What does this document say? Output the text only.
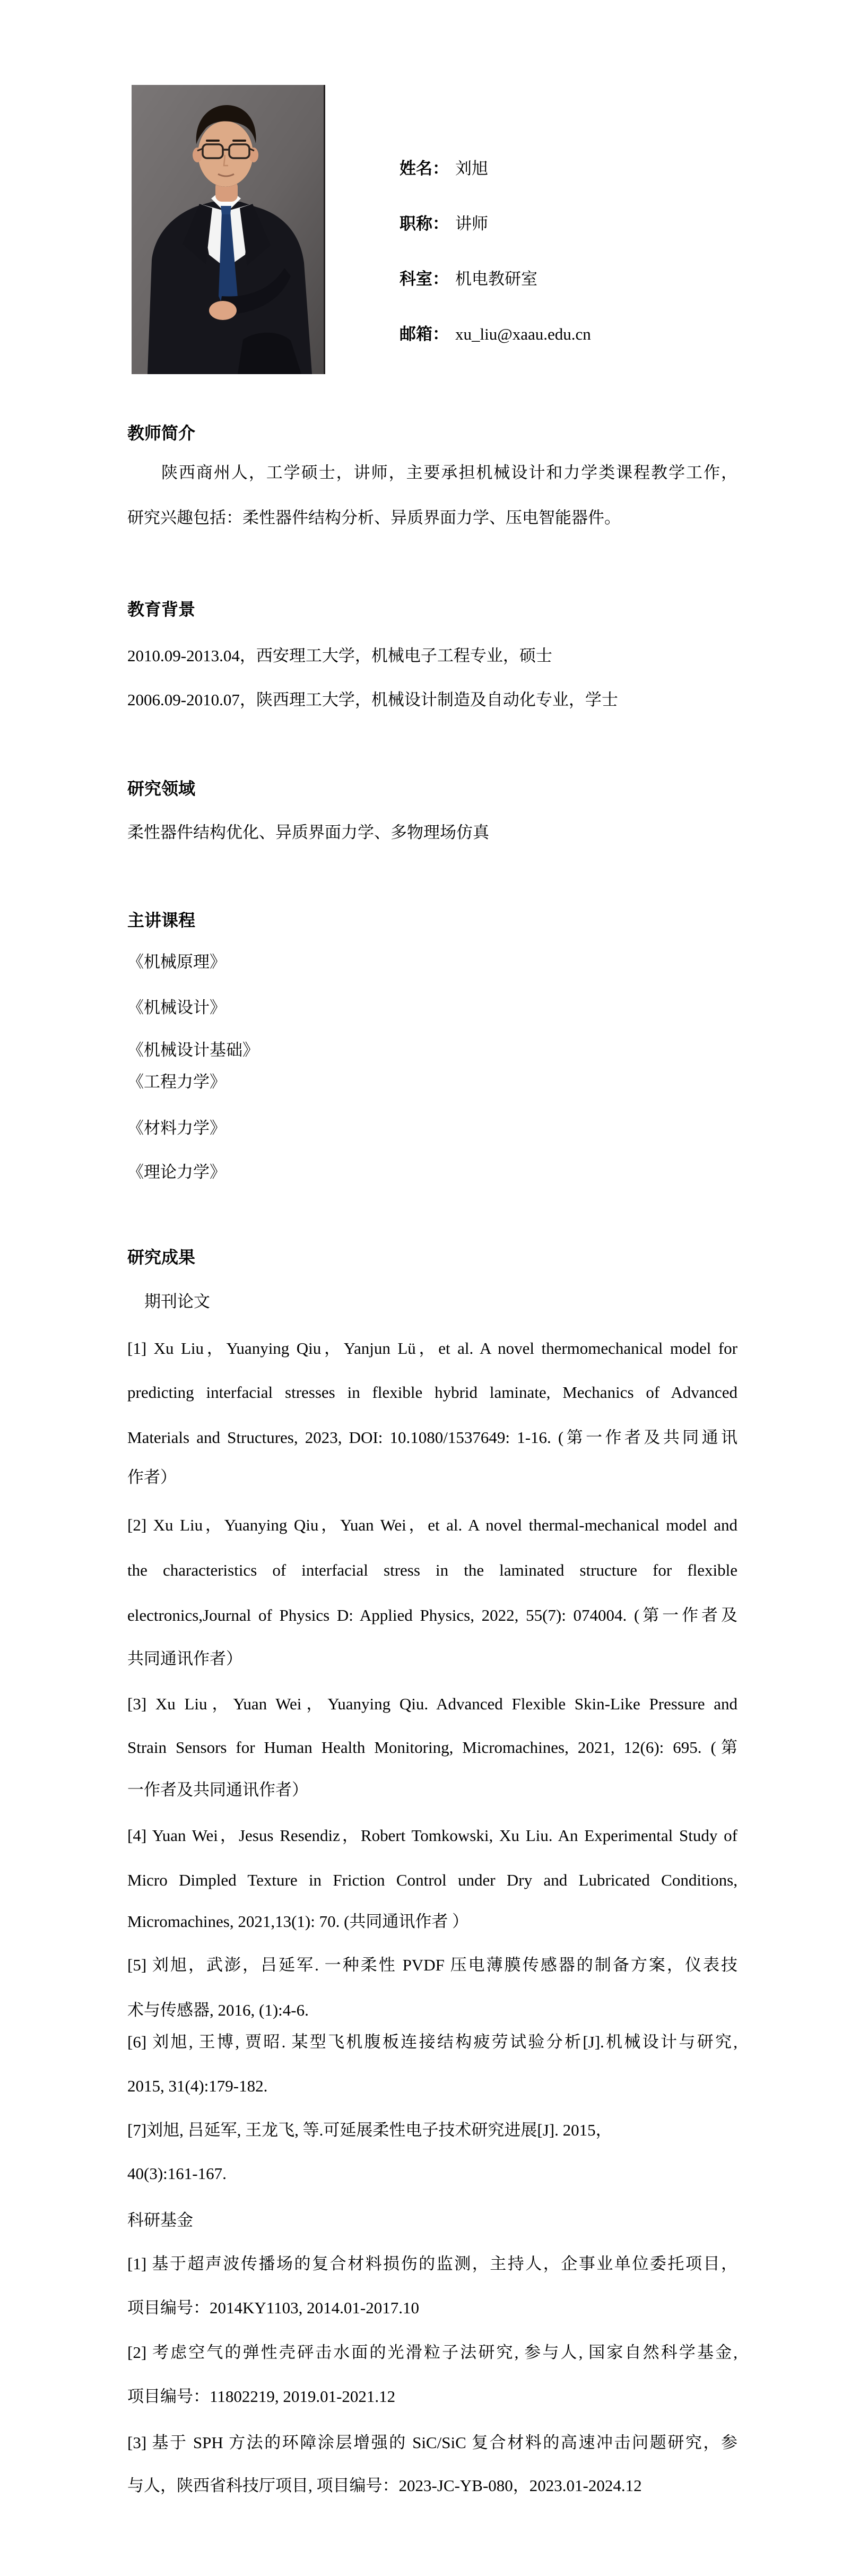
姓名： 刘旭
职称： 讲师
科室： 机电教研室
邮箱： xu_liu@xaau.edu.cn
教师简介
陕西商州人，工学硕士，讲师，主要承担机械设计和力学类课程教学工作，
研究兴趣包括：柔性器件结构分析、异质界面力学、压电智能器件。
教育背景
2010.09-2013.04，西安理工大学，机械电子工程专业，硕士
2006.09-2010.07，陕西理工大学，机械设计制造及自动化专业，学士
研究领域
柔性器件结构优化、异质界面力学、多物理场仿真
主讲课程
《机械原理》
《机械设计》
《机械设计基础》
《工程力学》
《材料力学》
《理论力学》
研究成果
期刊论文
[1] Xu Liu，Yuanying Qiu，Yanjun Lü，et al. A novel thermomechanical model for
predicting interfacial stresses in flexible hybrid laminate, Mechanics of Advanced
Materials and Structures, 2023, DOI: 10.1080/1537649: 1-16. (第一作者及共同通讯
作者）
[2] Xu Liu，Yuanying Qiu，Yuan Wei，et al. A novel thermal-mechanical model and
the characteristics of interfacial stress in the laminated structure for flexible
electronics,Journal of Physics D: Applied Physics, 2022, 55(7): 074004. (第一作者及
共同通讯作者）
[3] Xu Liu，Yuan Wei，Yuanying Qiu. Advanced Flexible Skin-Like Pressure and
Strain Sensors for Human Health Monitoring, Micromachines, 2021, 12(6): 695. (第
一作者及共同通讯作者）
[4] Yuan Wei，Jesus Resendiz，Robert Tomkowski, Xu Liu. An Experimental Study of
Micro Dimpled Texture in Friction Control under Dry and Lubricated Conditions,
Micromachines, 2021,13(1): 70. (共同通讯作者 ）
[5] 刘旭，武澎，吕延军. 一种柔性 PVDF 压电薄膜传感器的制备方案，仪表技
术与传感器, 2016, (1):4-6.
[6] 刘旭, 王博, 贾昭. 某型飞机腹板连接结构疲劳试验分析[J].机械设计与研究,
2015, 31(4):179-182.
[7]刘旭, 吕延军, 王龙飞, 等.可延展柔性电子技术研究进展[J]. 2015，
40(3):161-167.
科研基金
[1] 基于超声波传播场的复合材料损伤的监测，主持人，企事业单位委托项目，
项目编号：2014KY1103, 2014.01-2017.10
[2] 考虑空气的弹性壳砰击水面的光滑粒子法研究, 参与人, 国家自然科学基金,
项目编号：11802219, 2019.01-2021.12
[3] 基于 SPH 方法的环障涂层增强的 SiC/SiC 复合材料的高速冲击问题研究，参
与人，陕西省科技厅项目, 项目编号：2023-JC-YB-080，2023.01-2024.12
